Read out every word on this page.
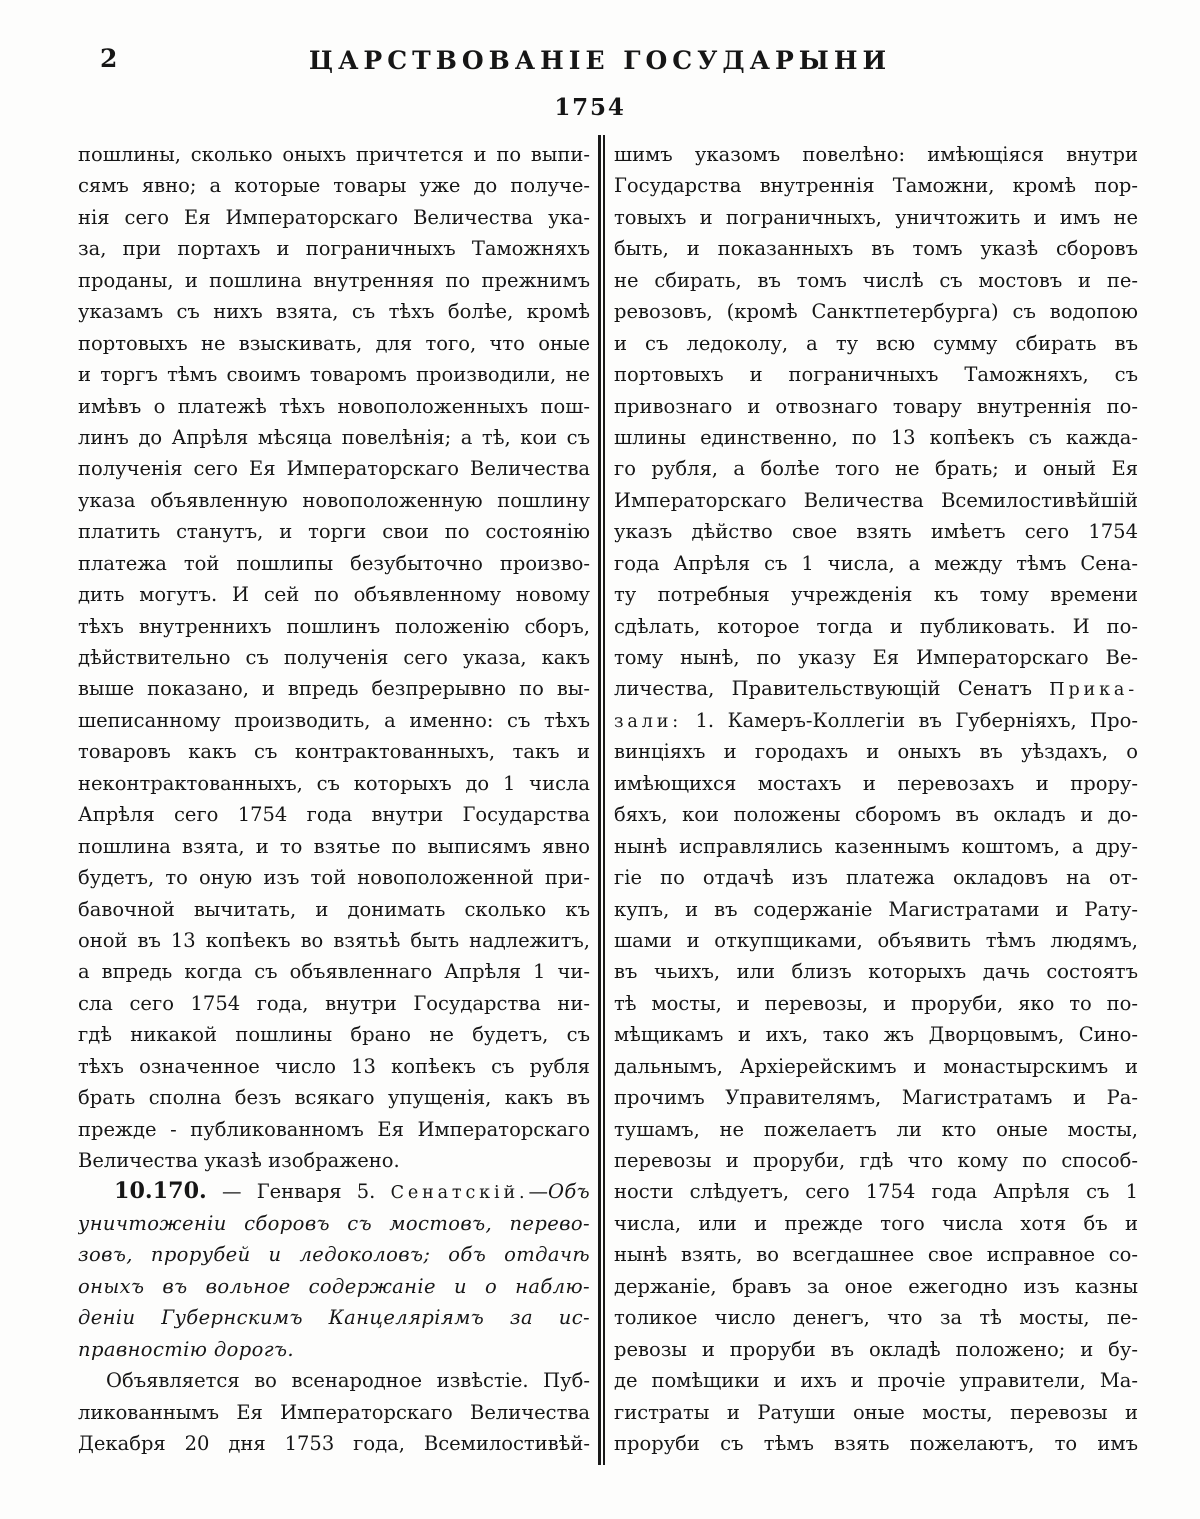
2	ЦАРСТВОВАНІЕ ГОСУДАРЫНИ
1754
пошлины, сколько оныхъ причтется и по выпи-
сямъ явно; а которые товары уже до получе-
нія сего Ея Императорскаго Величества ука-
за, при портахъ и пограничныхъ Таможняхъ
проданы, и пошлина внутренняя по прежнимъ
указамъ съ нихъ взята, съ тѣхъ болѣе, кромѣ
портовыхъ не взыскивать, для того, что оные
и торгъ тѣмъ своимъ товаромъ производили, не
имѣвъ о платежѣ тѣхъ новоположенныхъ пош-
линъ до Апрѣля мѣсяца повелѣнія; а тѣ, кои съ
полученія сего Ея Императорскаго Величества
указа объявленную новоположенную пошлину
платить станутъ, и торги свои по состоянію
платежа той пошлипы безубыточно произво-
дить могутъ. И сей по объявленному новому
тѣхъ внутреннихъ пошлинъ положенію сборъ,
дѣйствительно съ полученія сего указа, какъ
выше показано, и впредь безпрерывно по вы-
шеписанному производить, а именно: съ тѣхъ
товаровъ какъ съ контрактованныхъ, такъ и
неконтрактованныхъ, съ которыхъ до 1 числа
Апрѣля сего 1754 года внутри Государства
пошлина взята, и то взятье по выписямъ явно
будетъ, то оную изъ той новоположенной при-
бавочной вычитать, и донимать сколько къ
оной въ 13 копѣекъ во взятьѣ быть надлежитъ,
а впредь когда съ объявленнаго Апрѣля 1 чи-
сла сего 1754 года, внутри Государства ни-
гдѣ никакой пошлины брано не будетъ, съ
тѣхъ означенное число 13 копѣекъ съ рубля
брать сполна безъ всякаго упущенія, какъ въ
прежде - публикованномъ Ея Императорскаго
Величества указѣ изображено.
10.170. — Генваря 5. Сенатскій.—Объ
уничтоженіи сборовъ съ мостовъ, перево-
зовъ, прорубей и ледоколовъ; объ отдачѣ
оныхъ въ вольное содержаніе и о наблю-
деніи Губернскимъ Канцеляріямъ за ис-
правностію дорогъ.
Объявляется во всенародное извѣстіе. Пуб-
ликованнымъ Ея Императорскаго Величества
Декабря 20 дня 1753 года, Всемилостивѣй-
шимъ указомъ повелѣно: имѣющіяся внутри
Государства внутреннія Таможни, кромѣ пор-
товыхъ и пограничныхъ, уничтожить и имъ не
быть, и показанныхъ въ томъ указѣ сборовъ
не сбирать, въ томъ числѣ съ мостовъ и пе-
ревозовъ, (кромѣ Санктпетербурга) съ водопою
и съ ледоколу, а ту всю сумму сбирать въ
портовыхъ и пограничныхъ Таможняхъ, съ
привознаго и отвознаго товару внутреннія по-
шлины единственно, по 13 копѣекъ съ кажда-
го рубля, а болѣе того не брать; и оный Ея
Императорскаго Величества Всемилостивѣйшій
указъ дѣйство свое взять имѣетъ сего 1754
года Апрѣля съ 1 числа, а между тѣмъ Сена-
ту потребныя учрежденія къ тому времени
сдѣлать, которое тогда и публиковать. И по-
тому нынѣ, по указу Ея Императорскаго Ве-
личества, Правительствующій Сенатъ Прика-
зали: 1. Камеръ-Коллегіи въ Губерніяхъ, Про-
винціяхъ и городахъ и оныхъ въ уѣздахъ, о
имѣющихся мостахъ и перевозахъ и прору-
бяхъ, кои положены сборомъ въ окладъ и до-
нынѣ исправлялись казеннымъ коштомъ, а дру-
гіе по отдачѣ изъ платежа окладовъ на от-
купъ, и въ содержаніе Магистратами и Рату-
шами и откупщиками, объявить тѣмъ людямъ,
въ чьихъ, или близъ которыхъ дачь состоятъ
тѣ мосты, и перевозы, и проруби, яко то по-
мѣщикамъ и ихъ, тако жъ Дворцовымъ, Сино-
дальнымъ, Архіерейскимъ и монастырскимъ и
прочимъ Управителямъ, Магистратамъ и Ра-
тушамъ, не пожелаетъ ли кто оные мосты,
перевозы и проруби, гдѣ что кому по способ-
ности слѣдуетъ, сего 1754 года Апрѣля съ 1
числа, или и прежде того числа хотя бъ и
нынѣ взять, во всегдашнее свое исправное со-
держаніе, бравъ за оное ежегодно изъ казны
толикое число денегъ, что за тѣ мосты, пе-
ревозы и проруби въ окладѣ положено; и бу-
де помѣщики и ихъ и прочіе управители, Ма-
гистраты и Ратуши оные мосты, перевозы и
проруби съ тѣмъ взять пожелаютъ, то имъ
